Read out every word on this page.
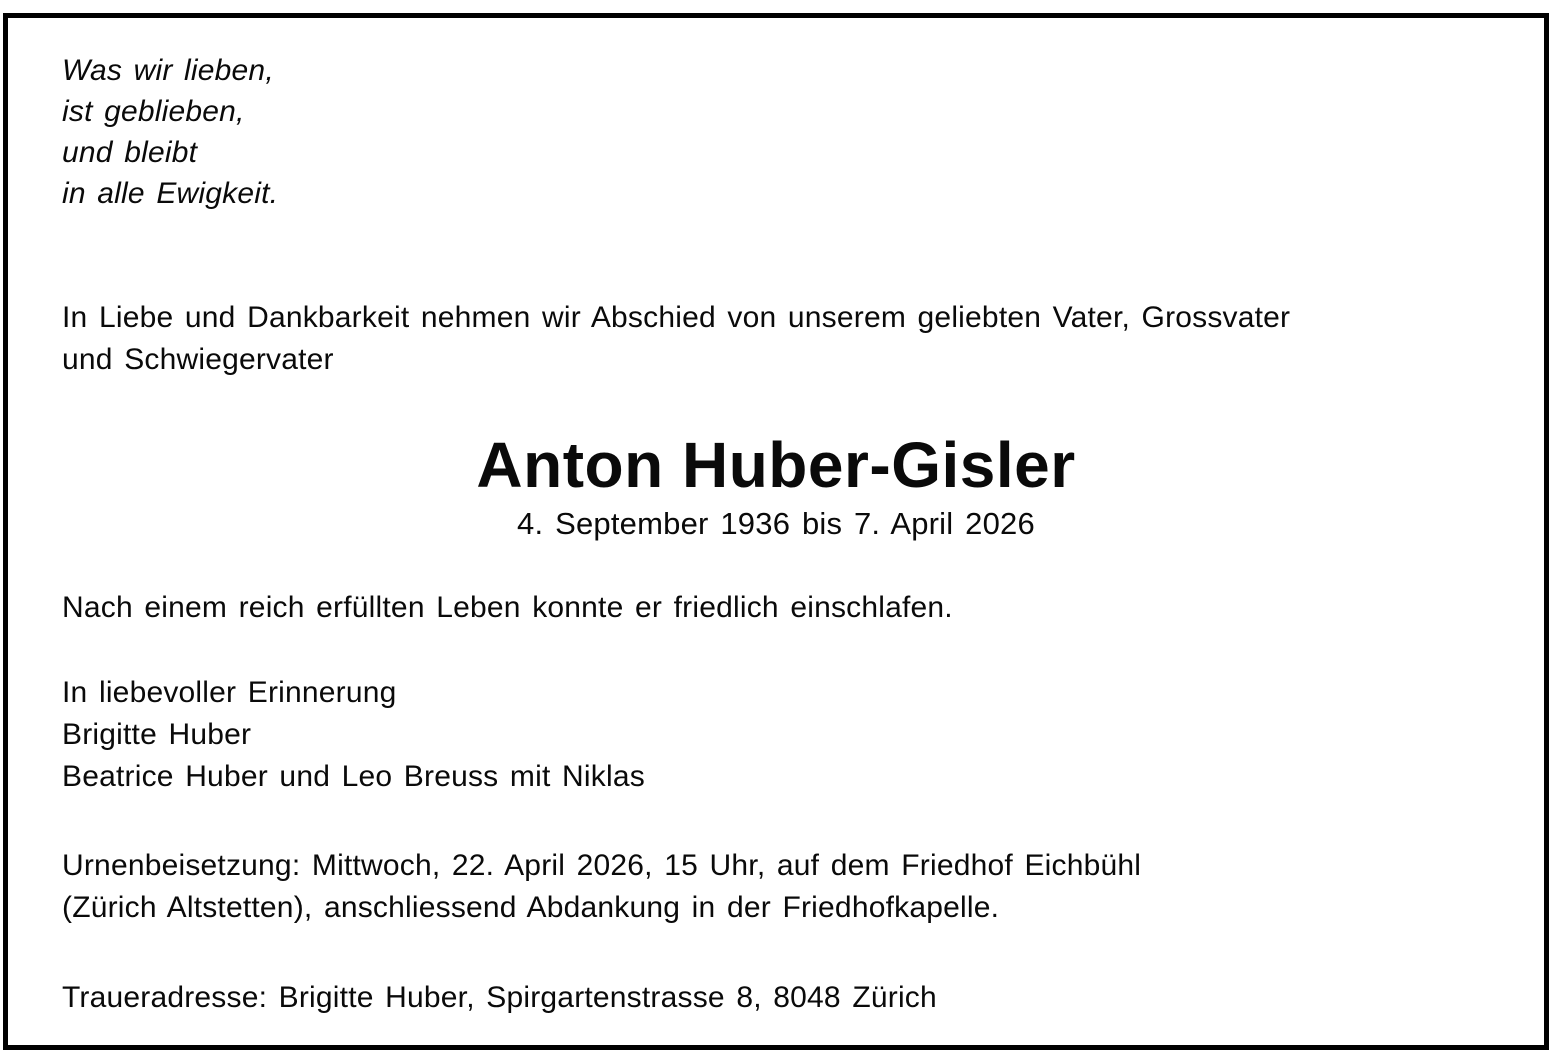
Was wir lieben,
ist geblieben,
und bleibt
in alle Ewigkeit.
In Liebe und Dankbarkeit nehmen wir Abschied von unserem geliebten Vater, Grossvater
und Schwiegervater
Anton Huber-Gisler
4. September 1936 bis 7. April 2026
Nach einem reich erfüllten Leben konnte er friedlich einschlafen.
In liebevoller Erinnerung
Brigitte Huber
Beatrice Huber und Leo Breuss mit Niklas
Urnenbeisetzung: Mittwoch, 22. April 2026, 15 Uhr, auf dem Friedhof Eichbühl
(Zürich Altstetten), anschliessend Abdankung in der Friedhofkapelle.
Traueradresse: Brigitte Huber, Spirgartenstrasse 8, 8048 Zürich
